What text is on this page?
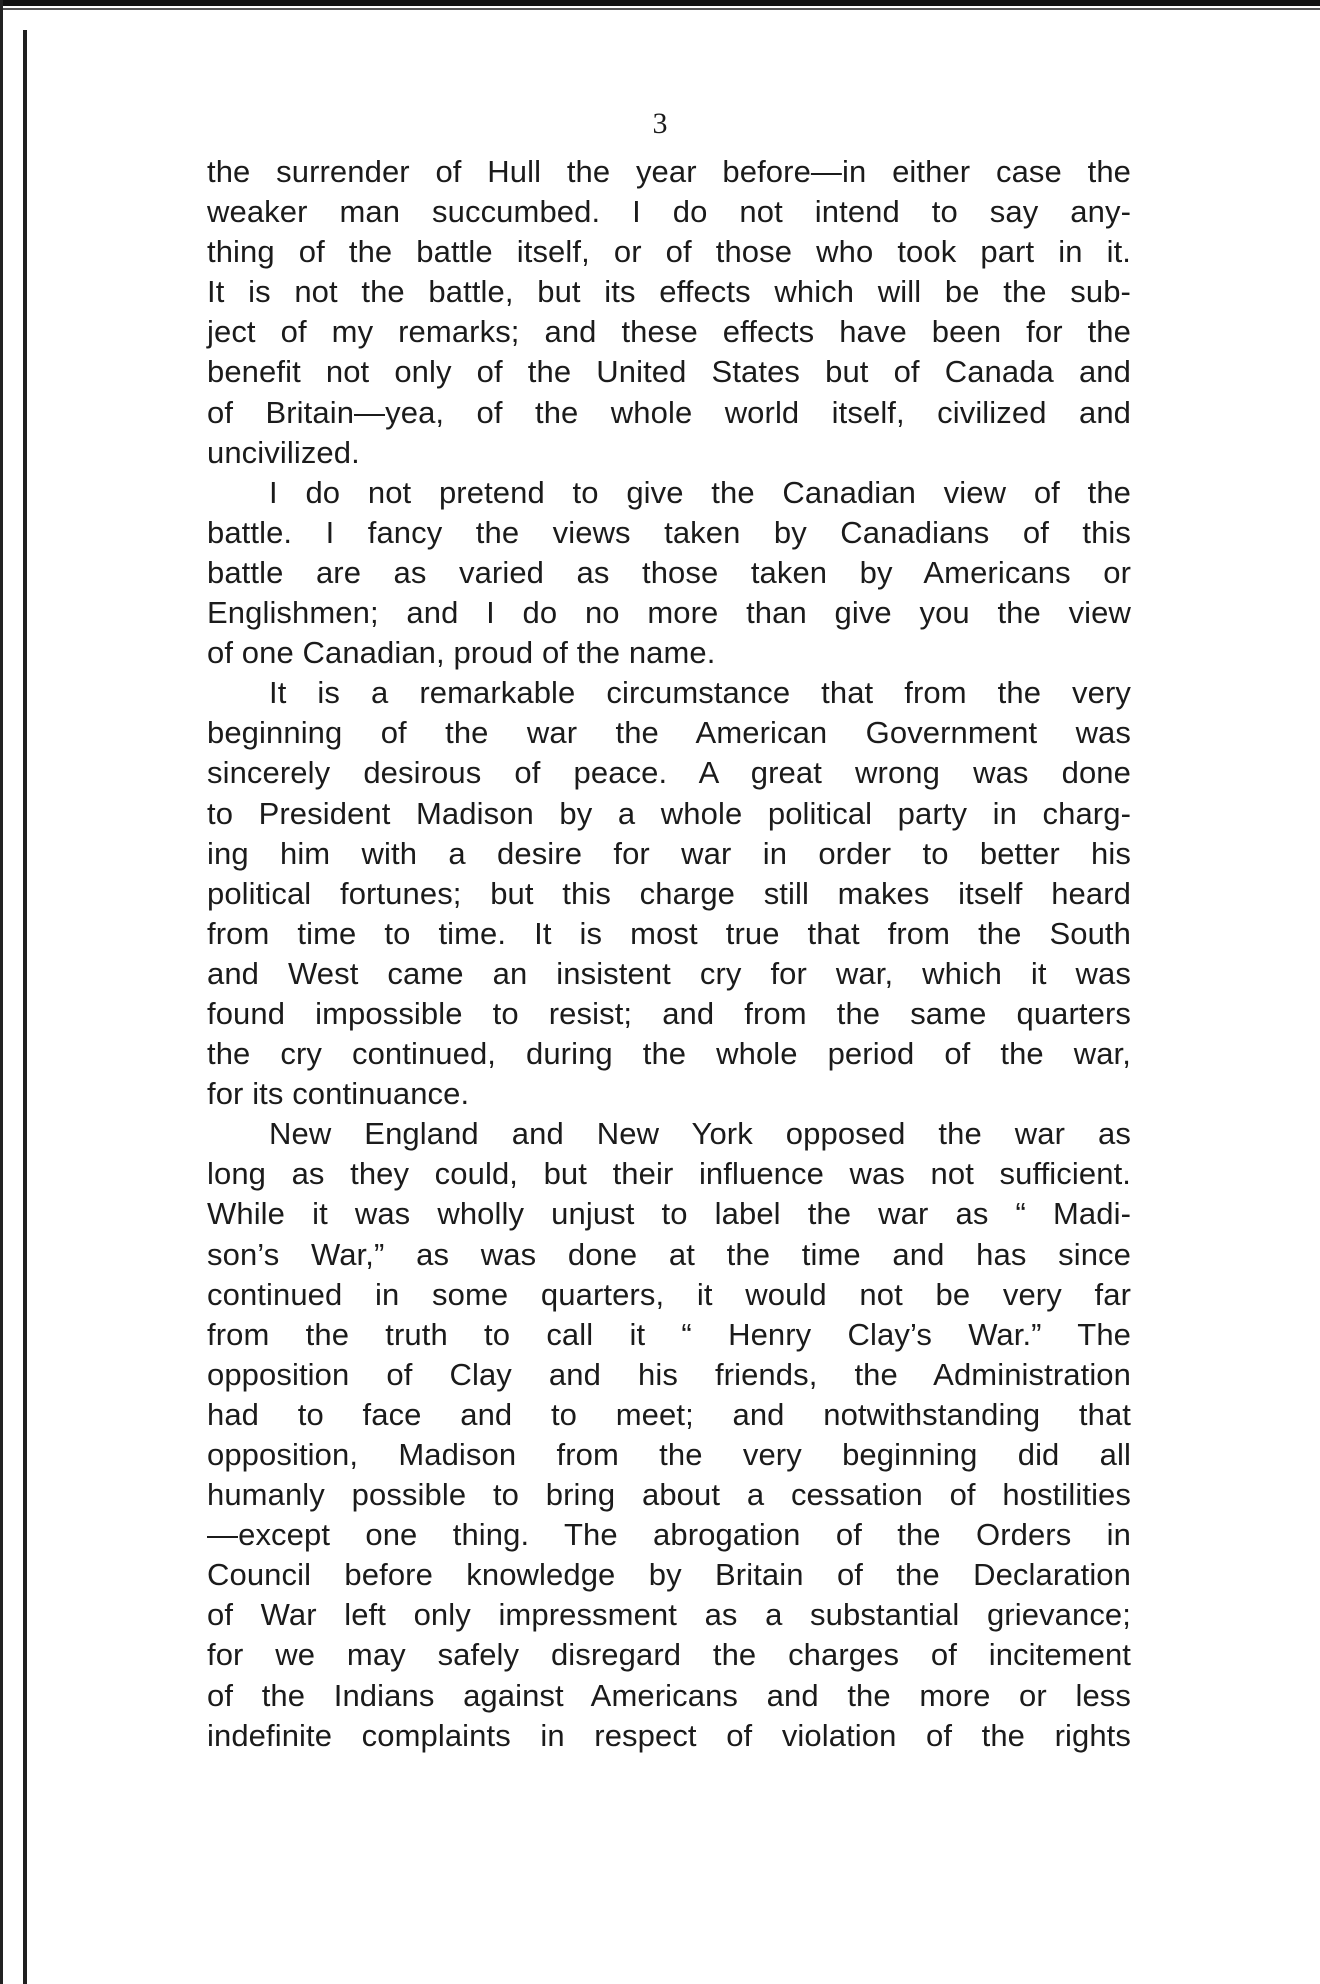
3
the surrender of Hull the year before—in either case the
weaker man succumbed. I do not intend to say any-
thing of the battle itself, or of those who took part in it.
It is not the battle, but its effects which will be the sub-
ject of my remarks; and these effects have been for the
benefit not only of the United States but of Canada and
of Britain—yea, of the whole world itself, civilized and
uncivilized.
I do not pretend to give the Canadian view of the
battle. I fancy the views taken by Canadians of this
battle are as varied as those taken by Americans or
Englishmen; and I do no more than give you the view
of one Canadian, proud of the name.
It is a remarkable circumstance that from the very
beginning of the war the American Government was
sincerely desirous of peace. A great wrong was done
to President Madison by a whole political party in charg-
ing him with a desire for war in order to better his
political fortunes; but this charge still makes itself heard
from time to time. It is most true that from the South
and West came an insistent cry for war, which it was
found impossible to resist; and from the same quarters
the cry continued, during the whole period of the war,
for its continuance.
New England and New York opposed the war as
long as they could, but their influence was not sufficient.
While it was wholly unjust to label the war as “ Madi-
son’s War,” as was done at the time and has since
continued in some quarters, it would not be very far
from the truth to call it “ Henry Clay’s War.” The
opposition of Clay and his friends, the Administration
had to face and to meet; and notwithstanding that
opposition, Madison from the very beginning did all
humanly possible to bring about a cessation of hostilities
—except one thing. The abrogation of the Orders in
Council before knowledge by Britain of the Declaration
of War left only impressment as a substantial grievance;
for we may safely disregard the charges of incitement
of the Indians against Americans and the more or less
indefinite complaints in respect of violation of the rights
